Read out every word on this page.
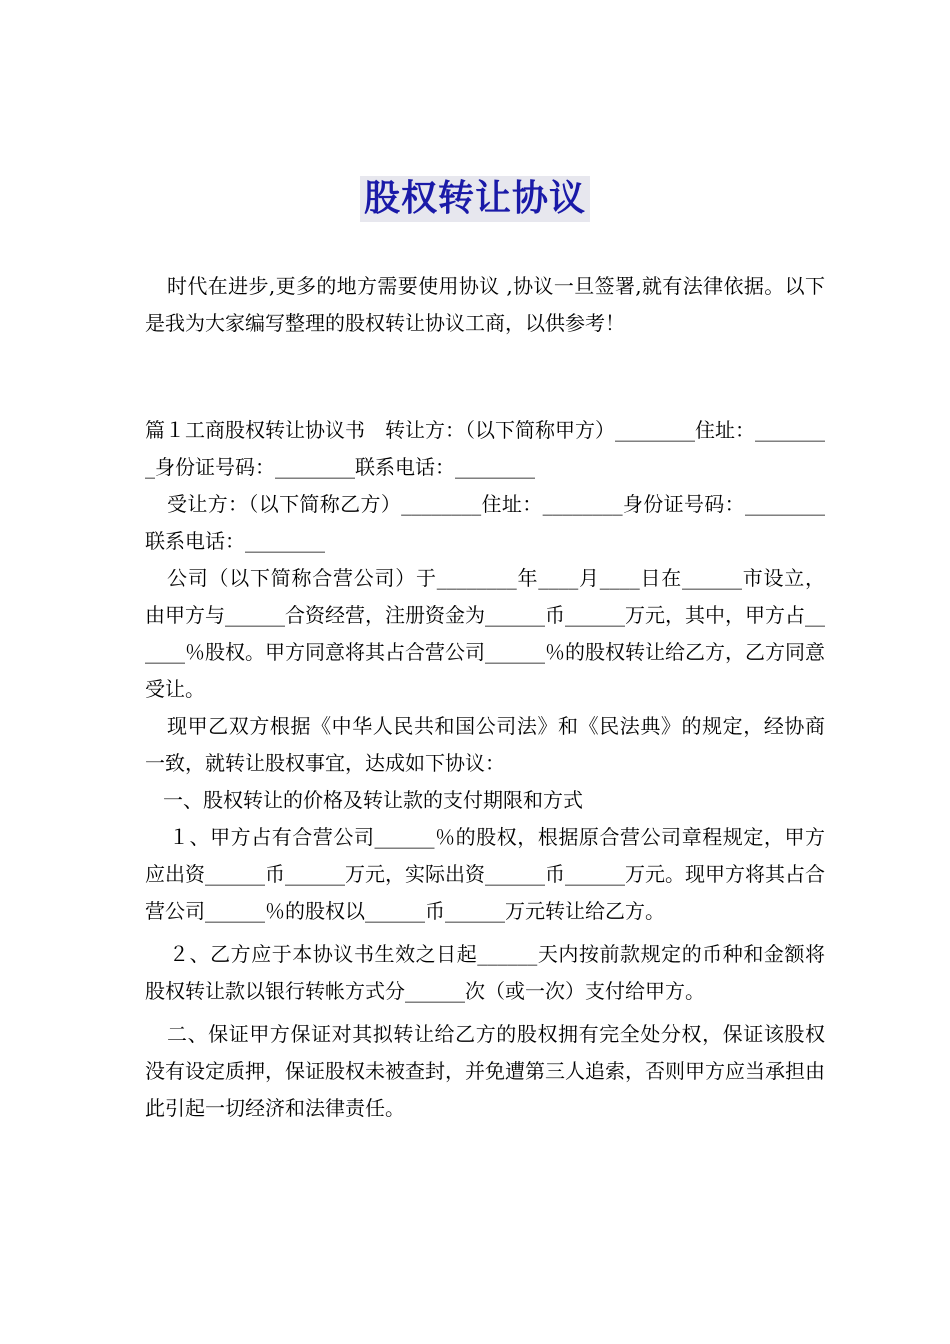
股权转让协议

时代在进步,更多的地方需要使用协议 ,协议一旦签署,就有法律依据。以下是我为大家编写整理的股权转让协议工商，以供参考！

篇１工商股权转让协议书　转让方：（以下简称甲方）________住址：________身份证号码：________联系电话：________

受让方：（以下简称乙方）________住址：________身份证号码：________联系电话：________

公司（以下简称合营公司）于________年____月____日在______市设立，由甲方与______合资经营，注册资金为______币______万元，其中，甲方占______％股权。甲方同意将其占合营公司______％的股权转让给乙方，乙方同意受让。

现甲乙双方根据《中华人民共和国公司法》和《民法典》的规定，经协商一致，就转让股权事宜，达成如下协议：

一、股权转让的价格及转让款的支付期限和方式

１、甲方占有合营公司______％的股权，根据原合营公司章程规定，甲方应出资______币______万元，实际出资______币______万元。现甲方将其占合营公司______％的股权以______币______万元转让给乙方。

２、乙方应于本协议书生效之日起______天内按前款规定的币种和金额将股权转让款以银行转帐方式分______次（或一次）支付给甲方。

二、保证甲方保证对其拟转让给乙方的股权拥有完全处分权，保证该股权没有设定质押，保证股权未被查封，并免遭第三人追索，否则甲方应当承担由此引起一切经济和法律责任。
